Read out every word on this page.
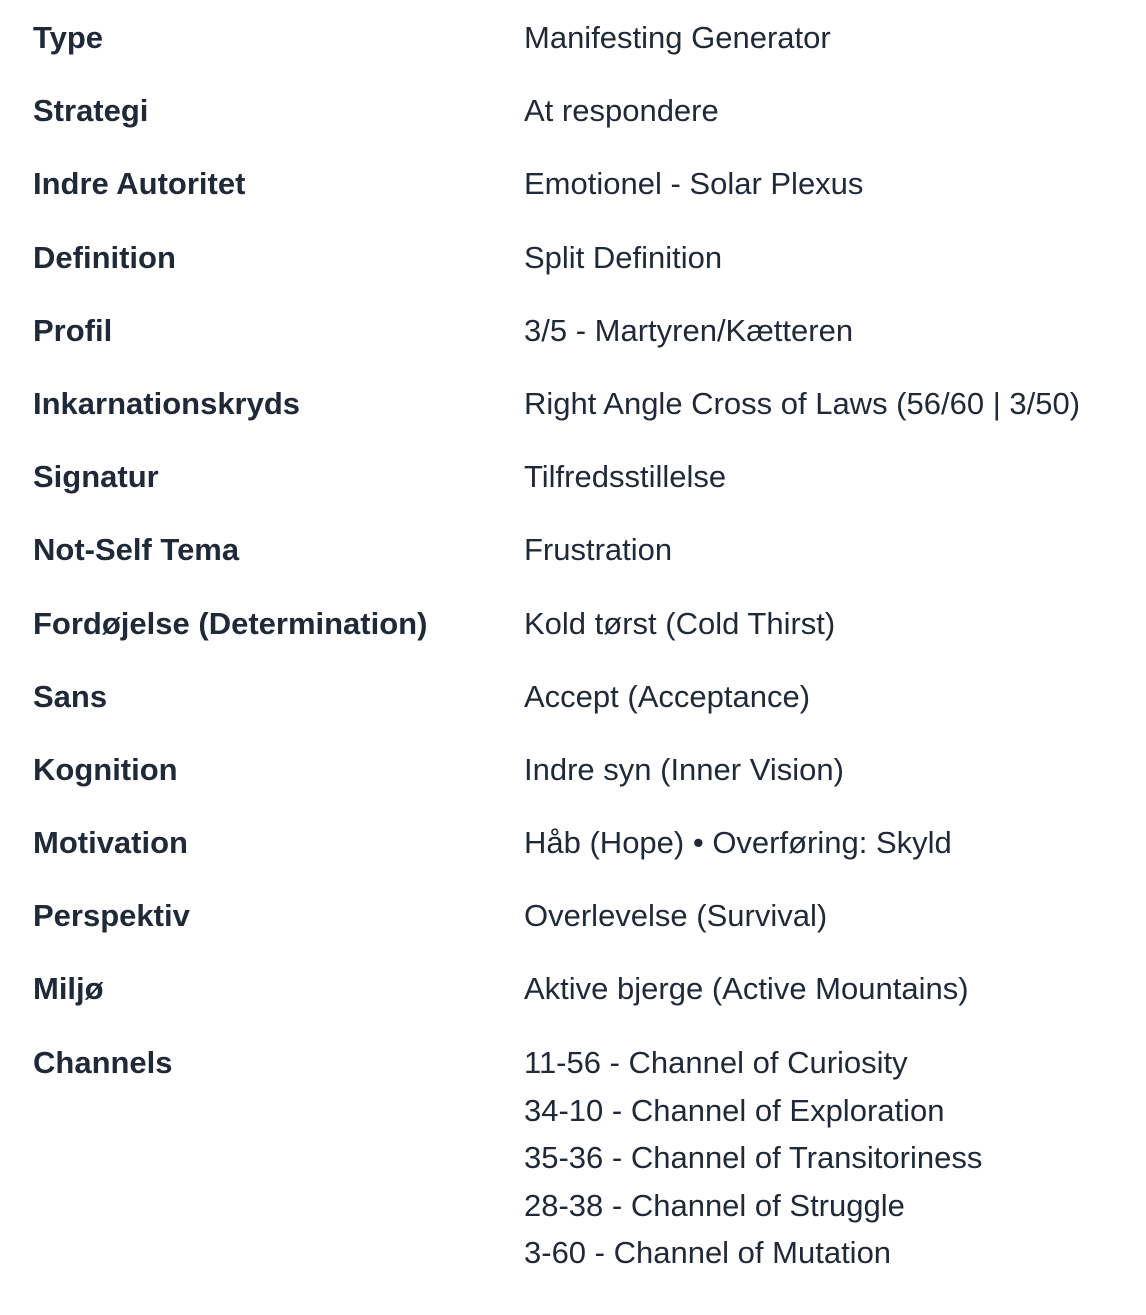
Type	Manifesting Generator
Strategi	At respondere
Indre Autoritet	Emotionel - Solar Plexus
Definition	Split Definition
Profil	3/5 - Martyren/Kætteren
Inkarnationskryds	Right Angle Cross of Laws (56/60 | 3/50)
Signatur	Tilfredsstillelse
Not-Self Tema	Frustration
Fordøjelse (Determination)	Kold tørst (Cold Thirst)
Sans	Accept (Acceptance)
Kognition	Indre syn (Inner Vision)
Motivation	Håb (Hope) • Overføring: Skyld
Perspektiv	Overlevelse (Survival)
Miljø	Aktive bjerge (Active Mountains)
Channels	11-56 - Channel of Curiosity
34-10 - Channel of Exploration
35-36 - Channel of Transitoriness
28-38 - Channel of Struggle
3-60 - Channel of Mutation
